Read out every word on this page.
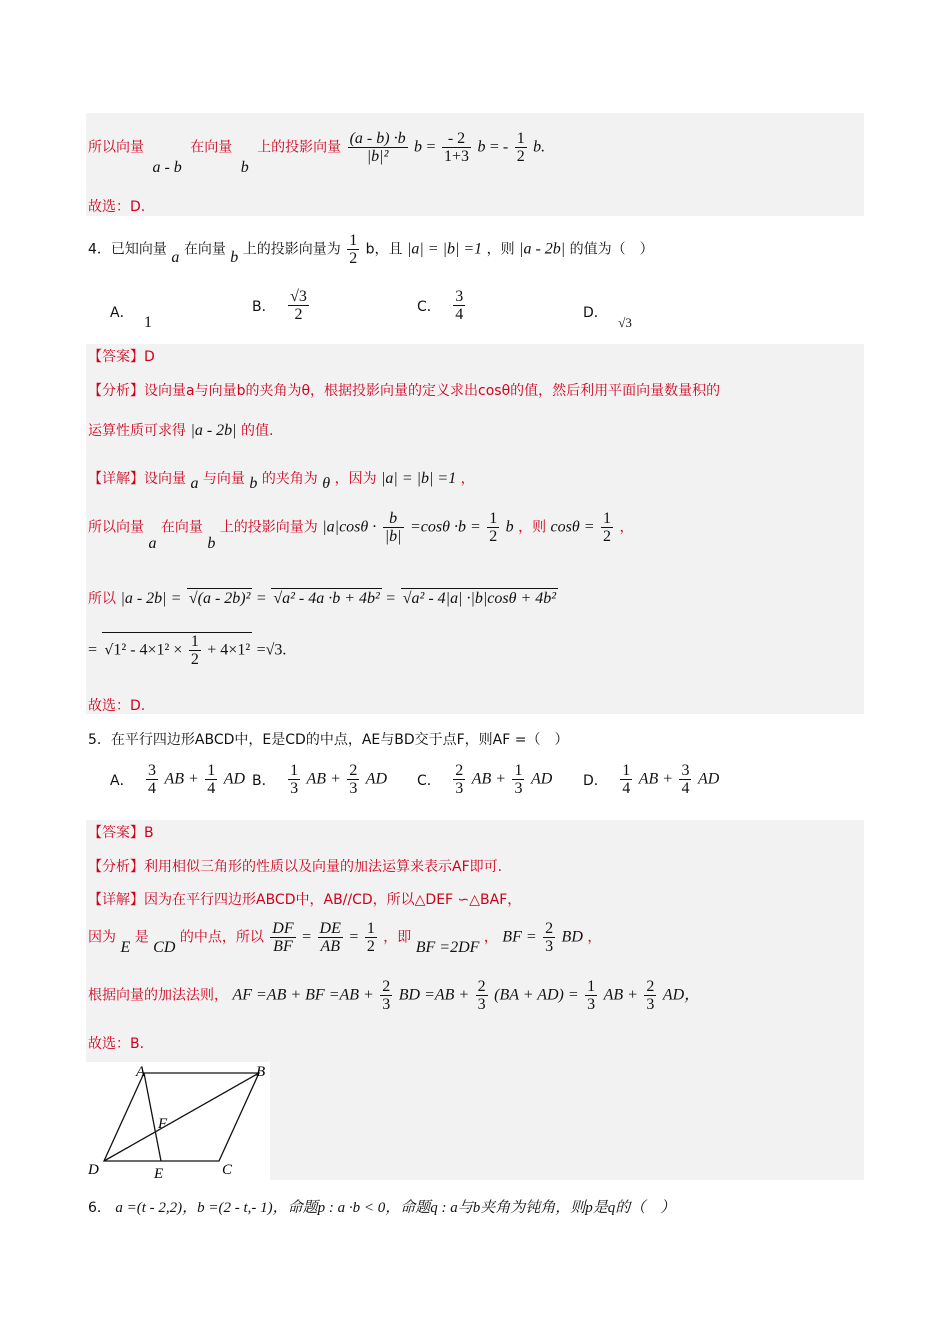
所以向量 a - b 在向量 b 上的投影向量 $\frac{(a - b) \cdot b}{\text{|b|²}}$ $b = \frac{- 2}{1+3}$ b = - $\frac{1}{2} b$.
故选：D.
4．已知向量 a 在向量 b 上的投影向量为 $\frac{1}{2}$ b，且 |a| = |b| =1 ，则 |a - 2b| 的值为（　）
A． 1
B． $\frac{√3}{2}$	C． $\frac{3}{4}$	D． √3
【答案】D
【分析】设向量a与向量b的夹角为θ，根据投影向量的定义求出cosθ的值，然后利用平面向量数量积的
运算性质可求得 |a - 2b| 的值.
【详解】设向量 a 与向量 b 的夹角为 θ ，因为 |a| = |b| =1 ，
所以向量 a 在向量 b 上的投影向量为 $|a|\cos\theta \cdot \frac{b}{|b|} =\cos\theta \cdot b = \frac{1}{2}$ b ，则 $\cos\theta = \frac{1}{2}$ ，
所以 |a - 2b| = √(a - 2b)² = √a² - 4a ·b + 4b² = √a² - 4|a| ·|b|cosθ + 4b²
= $√1^2 - 4\times 1^2 \times \frac{1}{2} + 4\times 1^2 =√3$.
故选：D.
5．在平行四边形ABCD中，E是CD的中点，AE与BD交于点F，则AF =（　）
A． $\frac{3}{4}$ AB + $\frac{1}{4}$ AD B． $\frac{1}{3}$ AB + $\frac{2}{3}$ AD C． $\frac{2}{3}$ AB + $\frac{1}{3}$ AD D． $\frac{1}{4}$ AB + $\frac{3}{4}$ AD
【答案】B
【分析】利用相似三角形的性质以及向量的加法运算来表示AF即可.
【详解】因为在平行四边形ABCD中，AB//CD，所以△DEF ∽△BAF，
因为 E 是 CD 的中点，所以 $\frac{DF}{BF} = \frac{DE}{AB} = \frac{1}{2}$ ，即 BF =2DF ， BF = $\frac{2}{3}$ BD ，
根据向量的加法法则， AF =AB + BF $=AB + \frac{2}{3}$ BD $=AB + \frac{2}{3} (BA + AD) = \frac{1}{3}$ AB + $\frac{2}{3}$ AD，
故选：B.
A	B
C
D	E
F
6． a =(t - 2,2)，b =(2 - t,- 1)，命题p : a ·b < 0，命题q : a与b夹角为钝角，则p是q的（　）
